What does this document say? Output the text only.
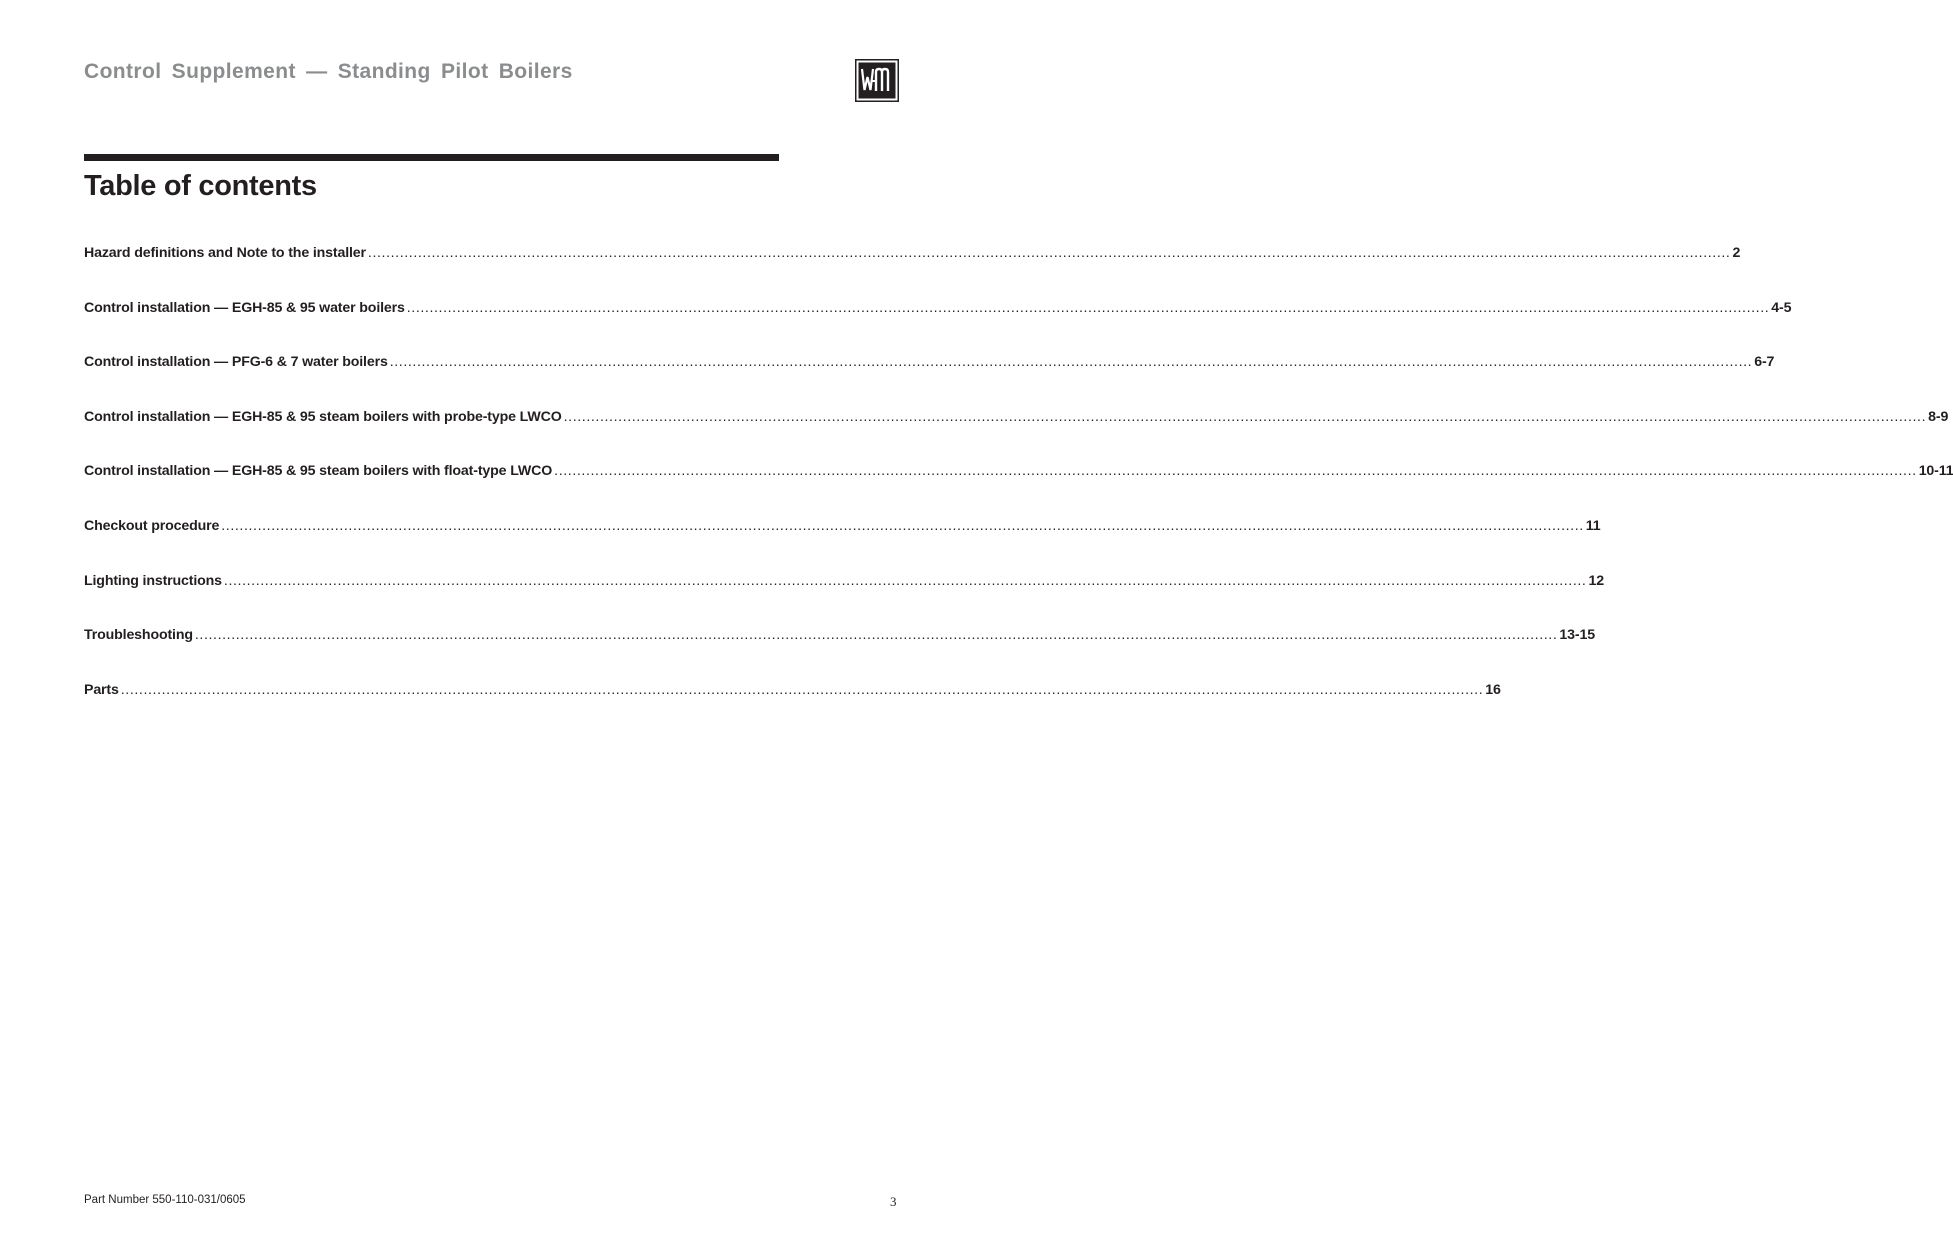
Control Supplement — Standing Pilot Boilers
Table of contents
Hazard definitions and Note to the installer ............................................................................................................................................................................................................................................................................................................ 2
Control installation — EGH-85 & 95 water boilers ............................................................................................................................................................................................................................................................................................................ 4-5
Control installation — PFG-6 & 7 water boilers ............................................................................................................................................................................................................................................................................................................ 6-7
Control installation — EGH-85 & 95 steam boilers with probe-type LWCO ............................................................................................................................................................................................................................................................................................................ 8-9
Control installation — EGH-85 & 95 steam boilers with float-type LWCO ............................................................................................................................................................................................................................................................................................................ 10-11
Checkout procedure ............................................................................................................................................................................................................................................................................................................ 11
Lighting instructions ............................................................................................................................................................................................................................................................................................................ 12
Troubleshooting ............................................................................................................................................................................................................................................................................................................ 13-15
Parts ............................................................................................................................................................................................................................................................................................................ 16
Part Number 550-110-031/0605	3
